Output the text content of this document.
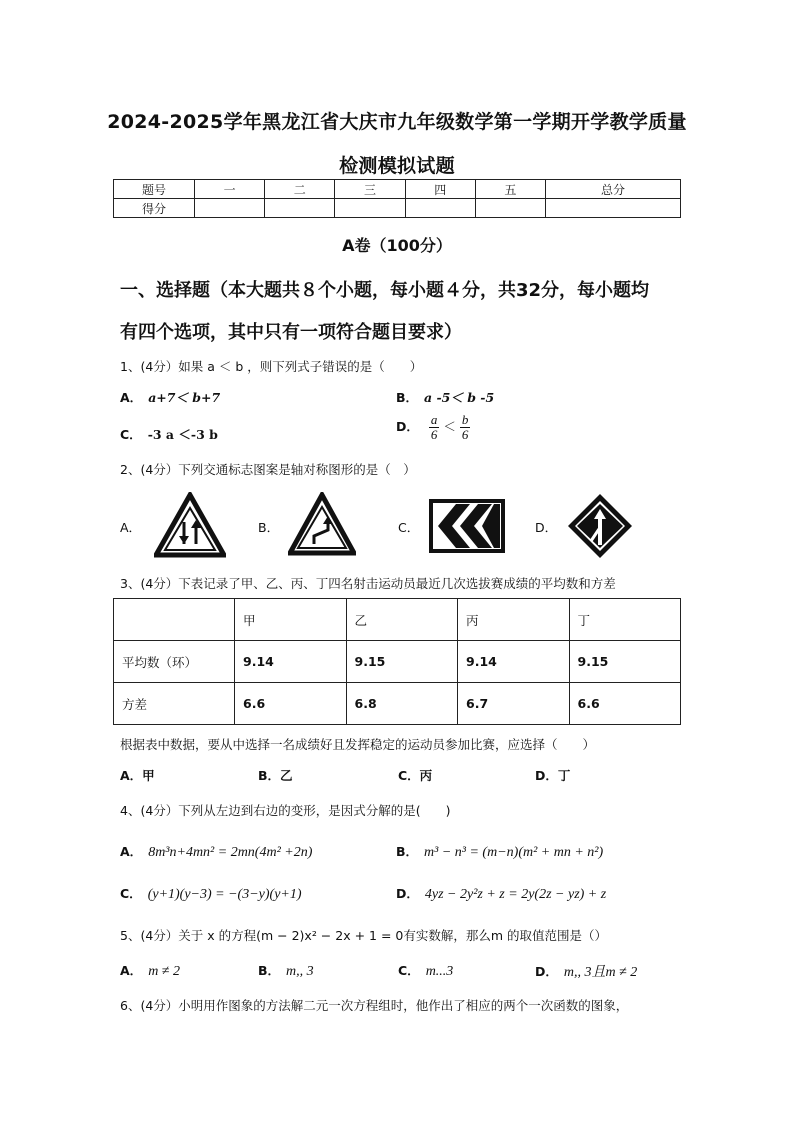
2024-2025学年黑龙江省大庆市九年级数学第一学期开学教学质量
检测模拟试题
题号	一	二	三	四	五	总分
得分						
A卷（100分）
一、选择题（本大题共８个小题，每小题４分，共32分，每小题均
有四个选项，其中只有一项符合题目要求）
1、(4分）如果 a ＜ b ，则下列式子错误的是（　　）
A． a+7＜ b+7	B． a -5＜ b -5
C． -3 a ＜-3 b
D． $\frac{a}{6} < \frac{b}{6}$
2、(4分）下列交通标志图案是轴对称图形的是（　）
A．	B．	C．	D．
3、(4分）下表记录了甲、乙、丙、丁四名射击运动员最近几次选拔赛成绩的平均数和方差
	甲	乙	丙	丁
平均数（环）	9.14	9.15	9.14	9.15
方差	6.6	6.8	6.7	6.6
根据表中数据，要从中选择一名成绩好且发挥稳定的运动员参加比赛，应选择（　　）
A．甲	B．乙	C．丙	D．丁
4、(4分）下列从左边到右边的变形，是因式分解的是(　　)
A． 8m³n+4mn² = 2mn(4m² +2n)	B． m³ − n³ = (m−n)(m² + mn + n²)
C． (y+1)(y−3) = −(3−y)(y+1)	D． 4yz − 2y²z + z = 2y(2z − yz) + z
5、(4分）关于 x 的方程(m − 2)x² − 2x + 1 = 0有实数解，那么m 的取值范围是（）
A． m ≠ 2	B． m,, 3	C． m...3	D． m,, 3且m ≠ 2
6、(4分）小明用作图象的方法解二元一次方程组时，他作出了相应的两个一次函数的图象，
